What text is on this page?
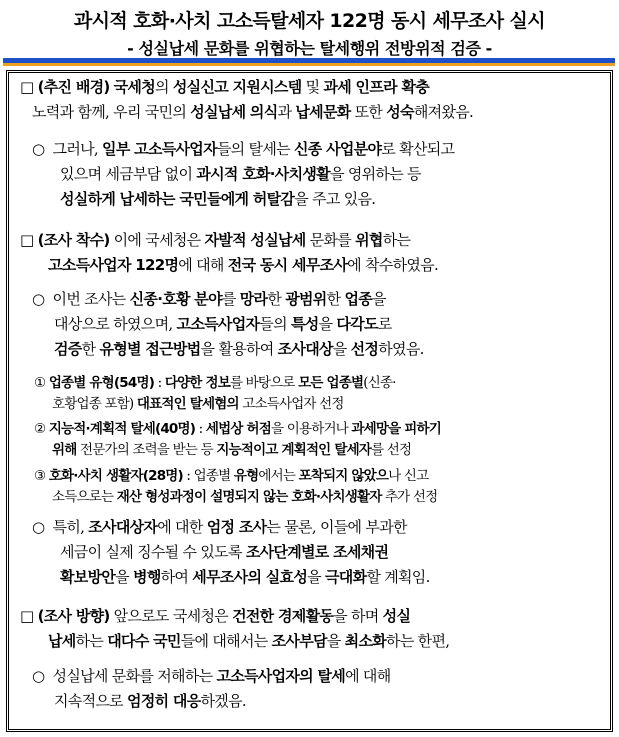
과시적 호화·사치 고소득탈세자 122명 동시 세무조사 실시
- 성실납세 문화를 위협하는 탈세행위 전방위적 검증 -
□ (추진 배경) 국세청의 성실신고 지원시스템 및 과세 인프라 확충
노력과 함께, 우리 국민의 성실납세 의식과 납세문화 또한 성숙해져왔음.
○ 그러나, 일부 고소득사업자들의 탈세는 신종 사업분야로 확산되고
있으며 세금부담 없이 과시적 호화·사치생활을 영위하는 등
성실하게 납세하는 국민들에게 허탈감을 주고 있음.
□ (조사 착수) 이에 국세청은 자발적 성실납세 문화를 위협하는
고소득사업자 122명에 대해 전국 동시 세무조사에 착수하였음.
○ 이번 조사는 신종·호황 분야를 망라한 광범위한 업종을
대상으로 하였으며, 고소득사업자들의 특성을 다각도로
검증한 유형별 접근방법을 활용하여 조사대상을 선정하였음.
① 업종별 유형(54명) : 다양한 정보를 바탕으로 모든 업종별(신종·
호황업종 포함) 대표적인 탈세혐의 고소득사업자 선정
② 지능적·계획적 탈세(40명) : 세법상 허점을 이용하거나 과세망을 피하기
위해 전문가의 조력을 받는 등 지능적이고 계획적인 탈세자를 선정
③ 호화·사치 생활자(28명) : 업종별 유형에서는 포착되지 않았으나 신고
소득으로는 재산 형성과정이 설명되지 않는 호화·사치생활자 추가 선정
○ 특히, 조사대상자에 대한 엄정 조사는 물론, 이들에 부과한
세금이 실제 징수될 수 있도록 조사단계별로 조세채권
확보방안을 병행하여 세무조사의 실효성을 극대화할 계획임.
□ (조사 방향) 앞으로도 국세청은 건전한 경제활동을 하며 성실
납세하는 대다수 국민들에 대해서는 조사부담을 최소화하는 한편,
○ 성실납세 문화를 저해하는 고소득사업자의 탈세에 대해
지속적으로 엄정히 대응하겠음.
